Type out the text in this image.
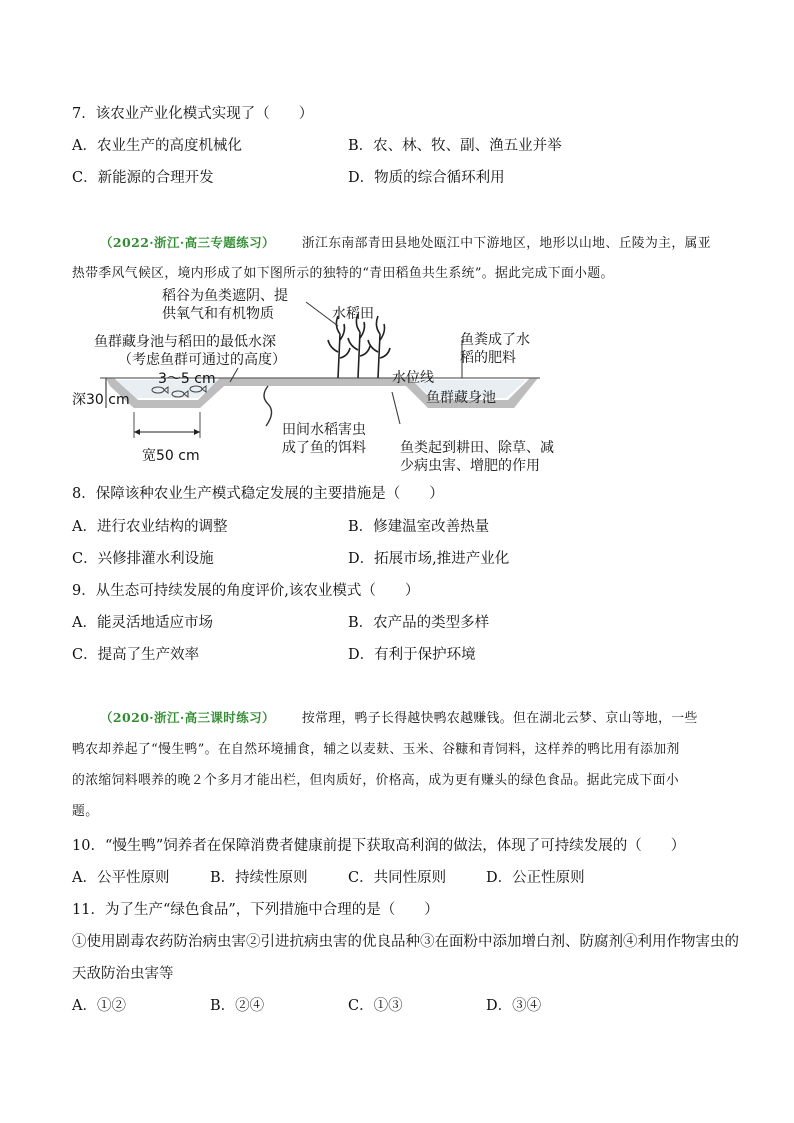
7．该农业产业化模式实现了（　　）
A．农业生产的高度机械化	B．农、林、牧、副、渔五业并举
C．新能源的合理开发	D．物质的综合循环利用
（2022·浙江·高三专题练习） 浙江东南部青田县地处瓯江中下游地区，地形以山地、丘陵为主，属亚
热带季风气候区，境内形成了如下图所示的独特的“青田稻鱼共生系统”。据此完成下面小题。
稻谷为鱼类遮阴、提
供氧气和有机物质	水稻田
鱼群藏身池与稻田的最低水深
（考虑鱼群可通过的高度）
3～5 cm
鱼粪成了水
稻的肥料
水位线
深30 cm	鱼群藏身池
田间水稻害虫
成了鱼的饵料
宽50 cm	鱼类起到耕田、除草、减
少病虫害、增肥的作用
8．保障该种农业生产模式稳定发展的主要措施是（　　）
A．进行农业结构的调整	B．修建温室改善热量
C．兴修排灌水利设施	D．拓展市场,推进产业化
9．从生态可持续发展的角度评价,该农业模式（　　）
A．能灵活地适应市场	B．农产品的类型多样
C．提高了生产效率	D．有利于保护环境
（2020·浙江·高三课时练习） 按常理，鸭子长得越快鸭农越赚钱。但在湖北云梦、京山等地，一些
鸭农却养起了“慢生鸭”。在自然环境捕食，辅之以麦麸、玉米、谷糠和青饲料，这样养的鸭比用有添加剂
的浓缩饲料喂养的晚２个多月才能出栏，但肉质好，价格高，成为更有赚头的绿色食品。据此完成下面小
题。
10．“慢生鸭”饲养者在保障消费者健康前提下获取高利润的做法，体现了可持续发展的（　　）
A．公平性原则	B．持续性原则	C．共同性原则	D．公正性原则
11．为了生产“绿色食品”，下列措施中合理的是（　　）
①使用剧毒农药防治病虫害②引进抗病虫害的优良品种③在面粉中添加增白剂、防腐剂④利用作物害虫的
天敌防治虫害等
A．①②	B．②④	C．①③	D．③④
